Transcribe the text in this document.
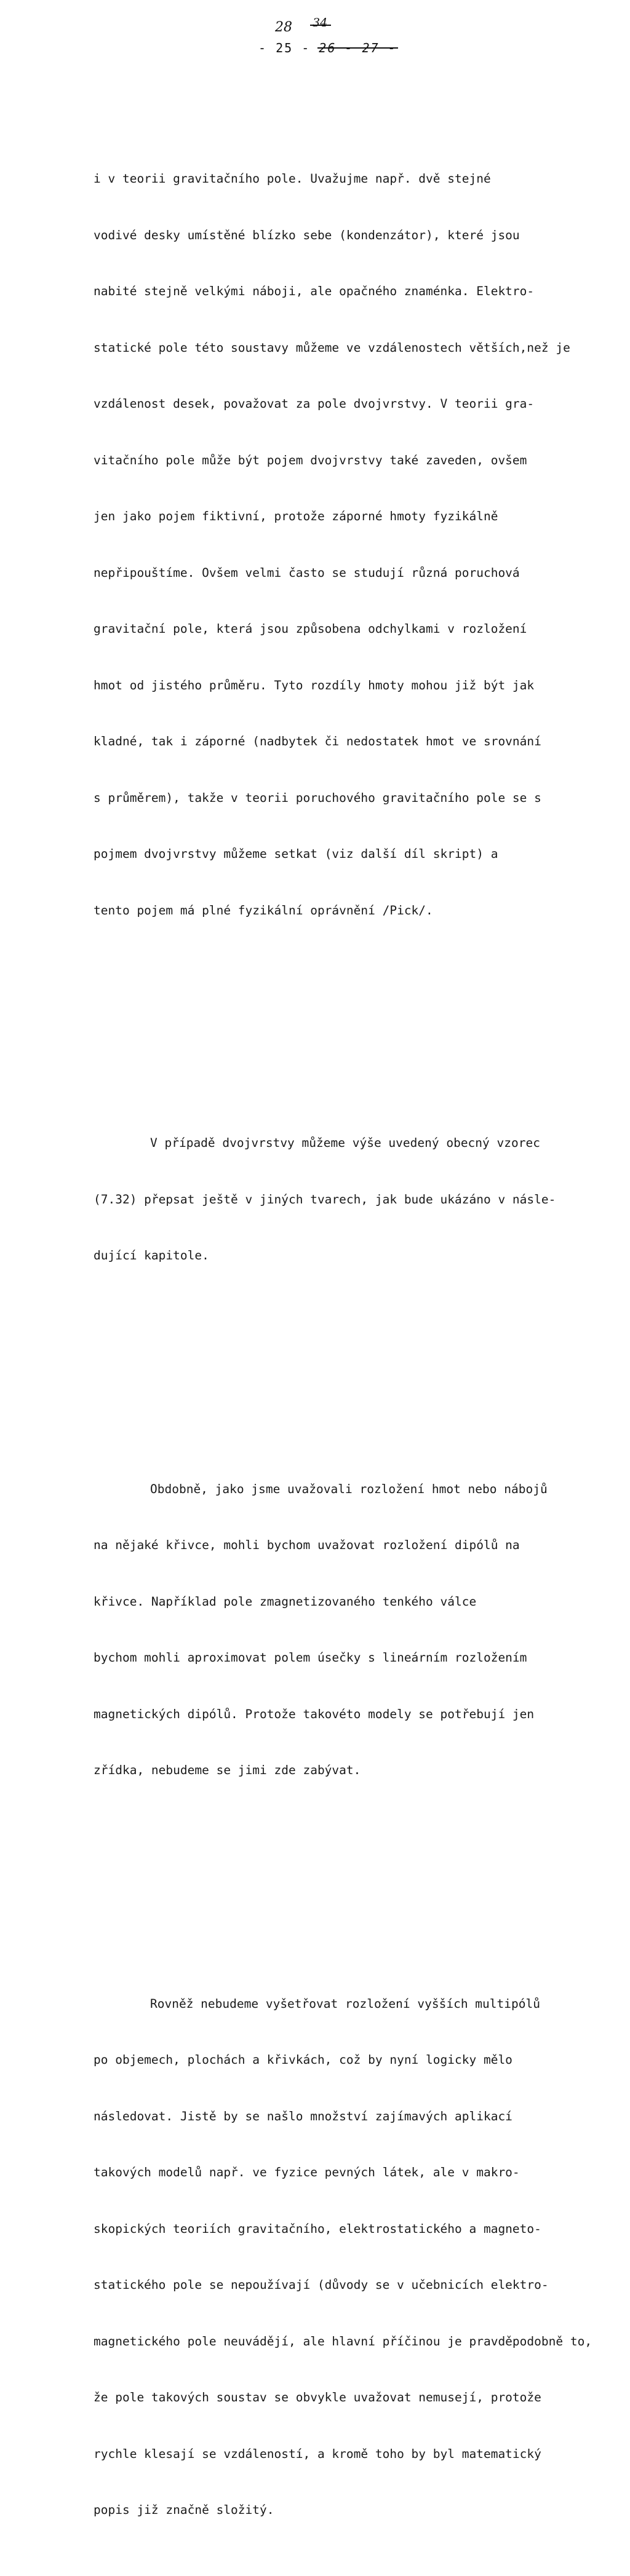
28 34
- 25 - 26 - 27 -

i v teorii gravitačního pole. Uvažujme např. dvě stejné

vodivé desky umístěné blízko sebe (kondenzátor), které jsou

nabité stejně velkými náboji, ale opačného znaménka. Elektro-

statické pole této soustavy můžeme ve vzdálenostech větších,než je

vzdálenost desek, považovat za pole dvojvrstvy. V teorii gra-

vitačního pole může být pojem dvojvrstvy také zaveden, ovšem

jen jako pojem fiktivní, protože záporné hmoty fyzikálně

nepřipouštíme. Ovšem velmi často se studují různá poruchová

gravitační pole, která jsou způsobena odchylkami v rozložení

hmot od jistého průměru. Tyto rozdíly hmoty mohou již být jak

kladné, tak i záporné (nadbytek či nedostatek hmot ve srovnání

s průměrem), takže v teorii poruchového gravitačního pole se s

pojmem dvojvrstvy můžeme setkat (viz další díl skript) a

tento pojem má plné fyzikální oprávnění /Pick/.

V případě dvojvrstvy můžeme výše uvedený obecný vzorec

(7.32) přepsat ještě v jiných tvarech, jak bude ukázáno v násle-

dující kapitole.

Obdobně, jako jsme uvažovali rozložení hmot nebo nábojů

na nějaké křivce, mohli bychom uvažovat rozložení dipólů na

křivce. Například pole zmagnetizovaného tenkého válce

bychom mohli aproximovat polem úsečky s lineárním rozložením

magnetických dipólů. Protože takovéto modely se potřebují jen

zřídka, nebudeme se jimi zde zabývat.

Rovněž nebudeme vyšetřovat rozložení vyšších multipólů

po objemech, plochách a křivkách, což by nyní logicky mělo

následovat. Jistě by se našlo množství zajímavých aplikací

takových modelů např. ve fyzice pevných látek, ale v makro-

skopických teoriích gravitačního, elektrostatického a magneto-

statického pole se nepoužívají (důvody se v učebnicích elektro-

magnetického pole neuvádějí, ale hlavní příčinou je pravděpodobně to,

že pole takových soustav se obvykle uvažovat nemusejí, protože

rychle klesají se vzdáleností, a kromě toho by byl matematický

popis již značně složitý.
